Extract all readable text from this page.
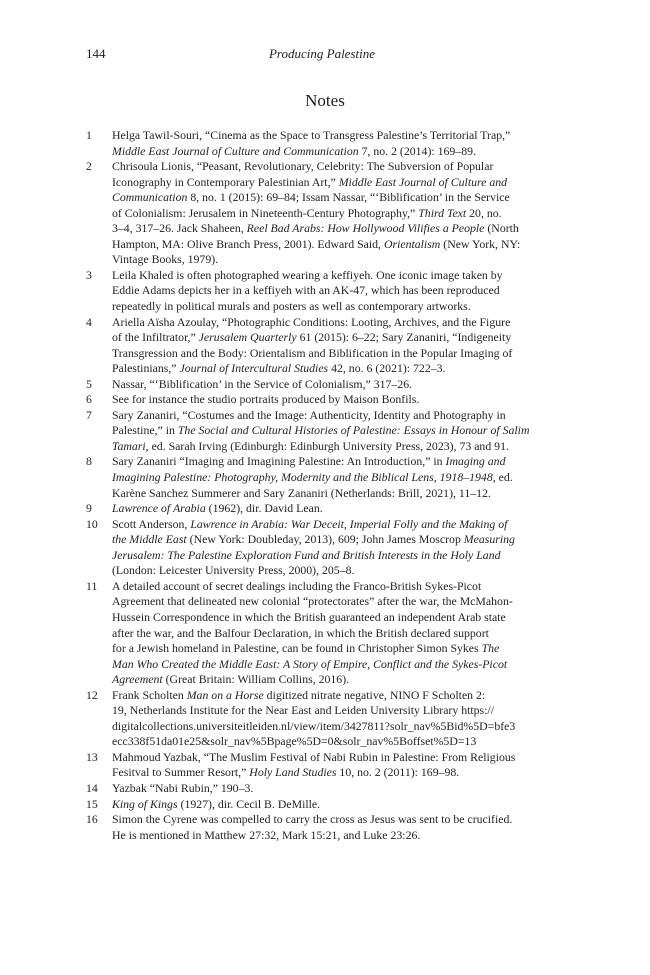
144	Producing Palestine
Notes
1	Helga Tawil-Souri, “Cinema as the Space to Transgress Palestine’s Territorial Trap,”
Middle East Journal of Culture and Communication 7, no. 2 (2014): 169–89.
2	Chrisoula Lionis, “Peasant, Revolutionary, Celebrity: The Subversion of Popular
Iconography in Contemporary Palestinian Art,” Middle East Journal of Culture and
Communication 8, no. 1 (2015): 69–84; Issam Nassar, “‘Biblification’ in the Service
of Colonialism: Jerusalem in Nineteenth-Century Photography,” Third Text 20, no.
3–4, 317–26. Jack Shaheen, Reel Bad Arabs: How Hollywood Vilifies a People (North
Hampton, MA: Olive Branch Press, 2001). Edward Said, Orientalism (New York, NY:
Vintage Books, 1979).
3	Leila Khaled is often photographed wearing a keffiyeh. One iconic image taken by
Eddie Adams depicts her in a keffiyeh with an AK-47, which has been reproduced
repeatedly in political murals and posters as well as contemporary artworks.
4	Ariella Aïsha Azoulay, “Photographic Conditions: Looting, Archives, and the Figure
of the Infiltrator,” Jerusalem Quarterly 61 (2015): 6–22; Sary Zananiri, “Indigeneity
Transgression and the Body: Orientalism and Biblification in the Popular Imaging of
Palestinians,” Journal of Intercultural Studies 42, no. 6 (2021): 722–3.
5	Nassar, “‘Biblification’ in the Service of Colonialism,” 317–26.
6	See for instance the studio portraits produced by Maison Bonfils.
7	Sary Zananiri, “Costumes and the Image: Authenticity, Identity and Photography in
Palestine,” in The Social and Cultural Histories of Palestine: Essays in Honour of Salim
Tamari, ed. Sarah Irving (Edinburgh: Edinburgh University Press, 2023), 73 and 91.
8	Sary Zananiri “Imaging and Imagining Palestine: An Introduction,” in Imaging and
Imagining Palestine: Photography, Modernity and the Biblical Lens, 1918–1948, ed.
Karène Sanchez Summerer and Sary Zananiri (Netherlands: Brill, 2021), 11–12.
9	Lawrence of Arabia (1962), dir. David Lean.
10	Scott Anderson, Lawrence in Arabia: War Deceit, Imperial Folly and the Making of
the Middle East (New York: Doubleday, 2013), 609; John James Moscrop Measuring
Jerusalem: The Palestine Exploration Fund and British Interests in the Holy Land
(London: Leicester University Press, 2000), 205–8.
11	A detailed account of secret dealings including the Franco-British Sykes-Picot
Agreement that delineated new colonial “protectorates” after the war, the McMahon-
Hussein Correspondence in which the British guaranteed an independent Arab state
after the war, and the Balfour Declaration, in which the British declared support
for a Jewish homeland in Palestine, can be found in Christopher Simon Sykes The
Man Who Created the Middle East: A Story of Empire, Conflict and the Sykes-Picot
Agreement (Great Britain: William Collins, 2016).
12	Frank Scholten Man on a Horse digitized nitrate negative, NINO F Scholten 2:
19, Netherlands Institute for the Near East and Leiden University Library https://
digitalcollections.universiteitleiden.nl/view/item/3427811?solr_nav%5Bid%5D=bfe3
ecc338f51da01e25&solr_nav%5Bpage%5D=0&solr_nav%5Boffset%5D=13
13	Mahmoud Yazbak, “The Muslim Festival of Nabi Rubin in Palestine: From Religious
Fesitval to Summer Resort,” Holy Land Studies 10, no. 2 (2011): 169–98.
14	Yazbak “Nabi Rubin,” 190–3.
15	King of Kings (1927), dir. Cecil B. DeMille.
16	Simon the Cyrene was compelled to carry the cross as Jesus was sent to be crucified.
He is mentioned in Matthew 27:32, Mark 15:21, and Luke 23:26.
